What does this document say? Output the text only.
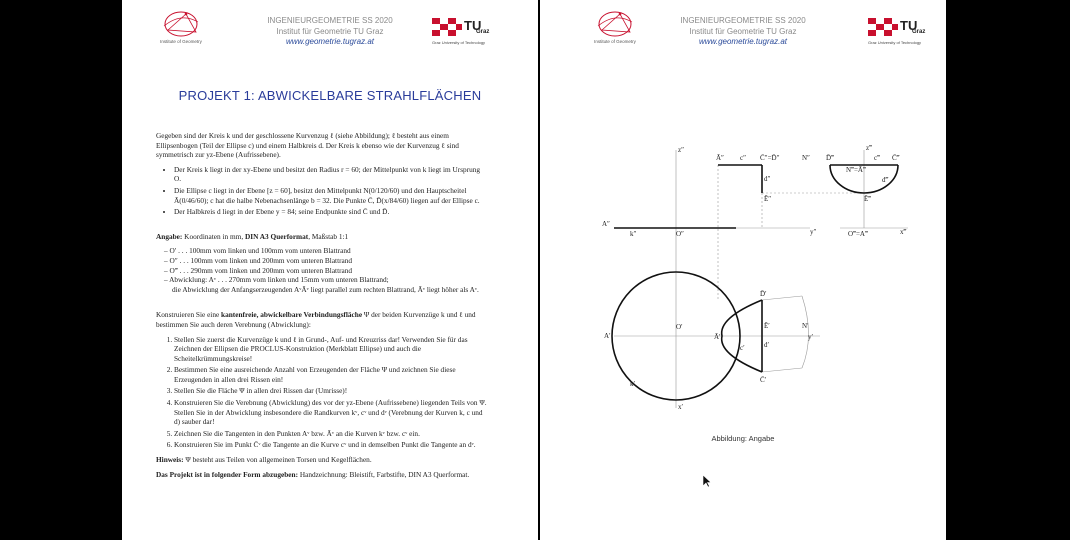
Institute of Geometry
INGENIEURGEOMETRIE SS 2020
Institut für Geometrie TU Graz
www.geometrie.tugraz.at
TU
Graz
Graz University of Technology
PROJEKT 1: ABWICKELBARE STRAHLFLÄCHEN

Gegeben sind der Kreis k und der geschlossene Kurvenzug ℓ (siehe Abbildung); ℓ besteht aus einem Ellipsenbogen (Teil der Ellipse c) und einem Halbkreis d. Der Kreis k ebenso wie der Kurvenzug ℓ sind symmetrisch zur yz-Ebene (Aufrissebene).

• Der Kreis k liegt in der xy-Ebene und besitzt den Radius r = 60; der Mittelpunkt von k liegt im Ursprung O.
• Die Ellipse c liegt in der Ebene [z = 60], besitzt den Mittelpunkt N(0/120/60) und den Hauptscheitel Ā(0/46/60); c hat die halbe Nebenachsenlänge b = 32. Die Punkte C̄, D̄(x/84/60) liegen auf der Ellipse c.
• Der Halbkreis d liegt in der Ebene y = 84; seine Endpunkte sind C̄ und D̄.

Angabe: Koordinaten in mm, DIN A3 Querformat, Maßstab 1:1

– O′ . . . 100mm vom linken und 100mm vom unteren Blattrand
– O″ . . . 100mm vom linken und 200mm vom unteren Blattrand
– O‴ . . . 290mm vom linken und 200mm vom unteren Blattrand
– Abwicklung: Aᵛ . . . 270mm vom linken und 15mm vom unteren Blattrand;
die Abwicklung der Anfangserzeugenden AᵛĀᵛ liegt parallel zum rechten Blattrand, Āᵛ liegt höher als Aᵛ.

Konstruieren Sie eine kantenfreie, abwickelbare Verbindungsfläche Ψ der beiden Kurvenzüge k und ℓ und bestimmen Sie auch deren Verebnung (Abwicklung):

1. Stellen Sie zuerst die Kurvenzüge k und ℓ in Grund-, Auf- und Kreuzriss dar! Verwenden Sie für das Zeichnen der Ellipsen die PROCLUS-Konstruktion (Merkblatt Ellipse) und auch die Scheitelkrümmungskreise!
2. Bestimmen Sie eine ausreichende Anzahl von Erzeugenden der Fläche Ψ und zeichnen Sie diese Erzeugenden in allen drei Rissen ein!
3. Stellen Sie die Fläche Ψ in allen drei Rissen dar (Umrisse)!
4. Konstruieren Sie die Verebnung (Abwicklung) des vor der yz-Ebene (Aufrissebene) liegenden Teils von Ψ. Stellen Sie in der Abwicklung insbesondere die Randkurven kᵛ, cᵛ und dᵛ (Verebnung der Kurven k, c und d) sauber dar!
5. Zeichnen Sie die Tangenten in den Punkten Aᵛ bzw. Āᵛ an die Kurven kᵛ bzw. cᵛ ein.
6. Konstruieren Sie im Punkt C̄ᵛ die Tangente an die Kurve cᵛ und in demselben Punkt die Tangente an dᵛ.

Hinweis: Ψ besteht aus Teilen von allgemeinen Torsen und Kegelflächen.

Das Projekt ist in folgender Form abzugeben: Handzeichnung: Bleistift, Farbstifte, DIN A3 Querformat.

Institute of Geometry
INGENIEURGEOMETRIE SS 2020
Institut für Geometrie TU Graz
www.geometrie.tugraz.at
TU
Graz
Graz University of Technology
z″	z‴
y″	x‴
A″
k″	O″
Ā″ c″ C̄″=D̄″	N″
d″
Ē″
D̄‴
N‴=Ā‴
c‴ C̄‴
d‴
Ē‴
O‴=A‴
A′
O′
Ā′
D̄′
Ē′	N′
y′
c′	d′
C̄′
k′
x′
Abbildung: Angabe
